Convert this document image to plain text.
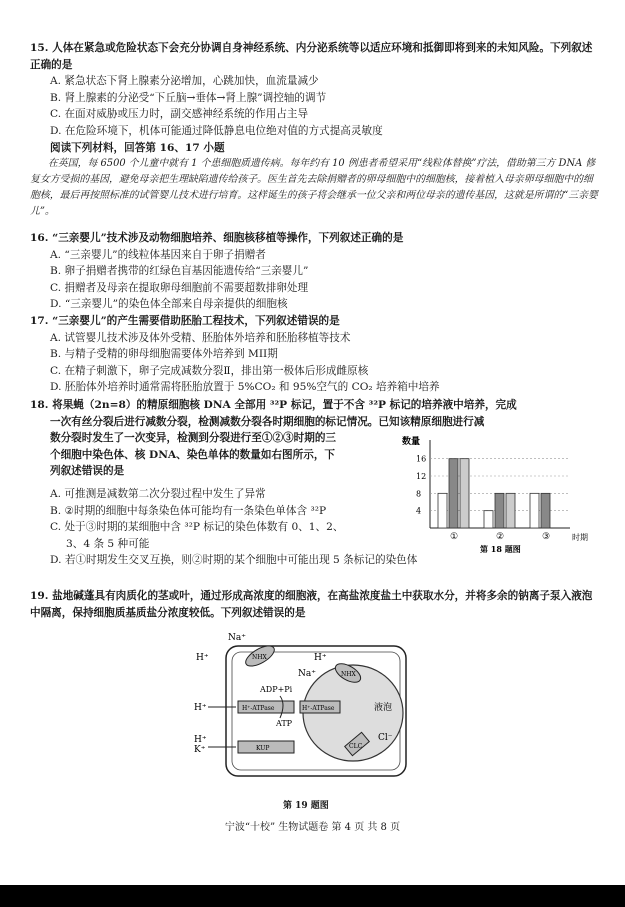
15. 人体在紧急或危险状态下会充分协调自身神经系统、内分泌系统等以适应环境和抵御即将到来的未知风险。下列叙述正确的是
A. 紧急状态下肾上腺素分泌增加，心跳加快，血流量减少
B. 肾上腺素的分泌受“下丘脑→垂体→肾上腺”调控轴的调节
C. 在面对威胁或压力时，副交感神经系统的作用占主导
D. 在危险环境下，机体可能通过降低静息电位绝对值的方式提高灵敏度
阅读下列材料，回答第 16、17 小题
在英国，每 6500 个儿童中就有 1 个患细胞质遗传病。每年约有 10 例患者希望采用“线粒体替换”疗法，借助第三方 DNA 修复女方受损的基因，避免母亲把生理缺陷遗传给孩子。医生首先去除捐赠者的卵母细胞中的细胞核，接着植入母亲卵母细胞中的细胞核，最后再按照标准的试管婴儿技术进行培育。这样诞生的孩子将会继承一位父亲和两位母亲的遗传基因，这就是所谓的“三亲婴儿”。
16. “三亲婴儿”技术涉及动物细胞培养、细胞核移植等操作，下列叙述正确的是
A. “三亲婴儿”的线粒体基因来自于卵子捐赠者
B. 卵子捐赠者携带的红绿色盲基因能遗传给“三亲婴儿”
C. 捐赠者及母亲在提取卵母细胞前不需要超数排卵处理
D. “三亲婴儿”的染色体全部来自母亲提供的细胞核
17. “三亲婴儿”的产生需要借助胚胎工程技术，下列叙述错误的是
A. 试管婴儿技术涉及体外受精、胚胎体外培养和胚胎移植等技术
B. 与精子受精的卵母细胞需要体外培养到 MII期
C. 在精子刺激下，卵子完成减数分裂Ⅱ，排出第一极体后形成雌原核
D. 胚胎体外培养时通常需将胚胎放置于 5%CO₂ 和 95%空气的 CO₂ 培养箱中培养
18. 将果蝇（2n=8）的精原细胞核 DNA 全部用 ³²P 标记，置于不含 ³²P 标记的培养液中培养，完成
一次有丝分裂后进行减数分裂，检测减数分裂各时期细胞的标记情况。已知该精原细胞进行减
数分裂时发生了一次变异，检测到分裂进行至①②③时期的三
个细胞中染色体、核 DNA、染色单体的数量如右图所示，下
列叙述错误的是
A. 可推测是减数第二次分裂过程中发生了异常
B. ②时期的细胞中每条染色体可能均有一条染色单体含 ³²P
C. 处于③时期的某细胞中含 ³²P 标记的染色体数有 0、1、2、
3、4 条 5 种可能
D. 若①时期发生交叉互换，则②时期的某个细胞中可能出现 5 条标记的染色体
数量
时期
4
8
12
16
①	②	③
第 18 题图
19. 盐地碱蓬具有肉质化的茎或叶，通过形成高浓度的细胞液，在高盐浓度盐土中获取水分，并将多余的钠离子泵入液泡中隔离，保持细胞质基质盐分浓度较低。下列叙述错误的是
Na⁺
H⁺	H⁺
Na⁺
H⁺
K⁺
H⁺
液泡
Cl⁻
ADP+Pi
ATP
NHX
NHX
H⁺-ATPase	H⁺-ATPase
KUP	CLC
第 19 题图
宁波“十校” 生物试题卷 第 4 页 共 8 页
